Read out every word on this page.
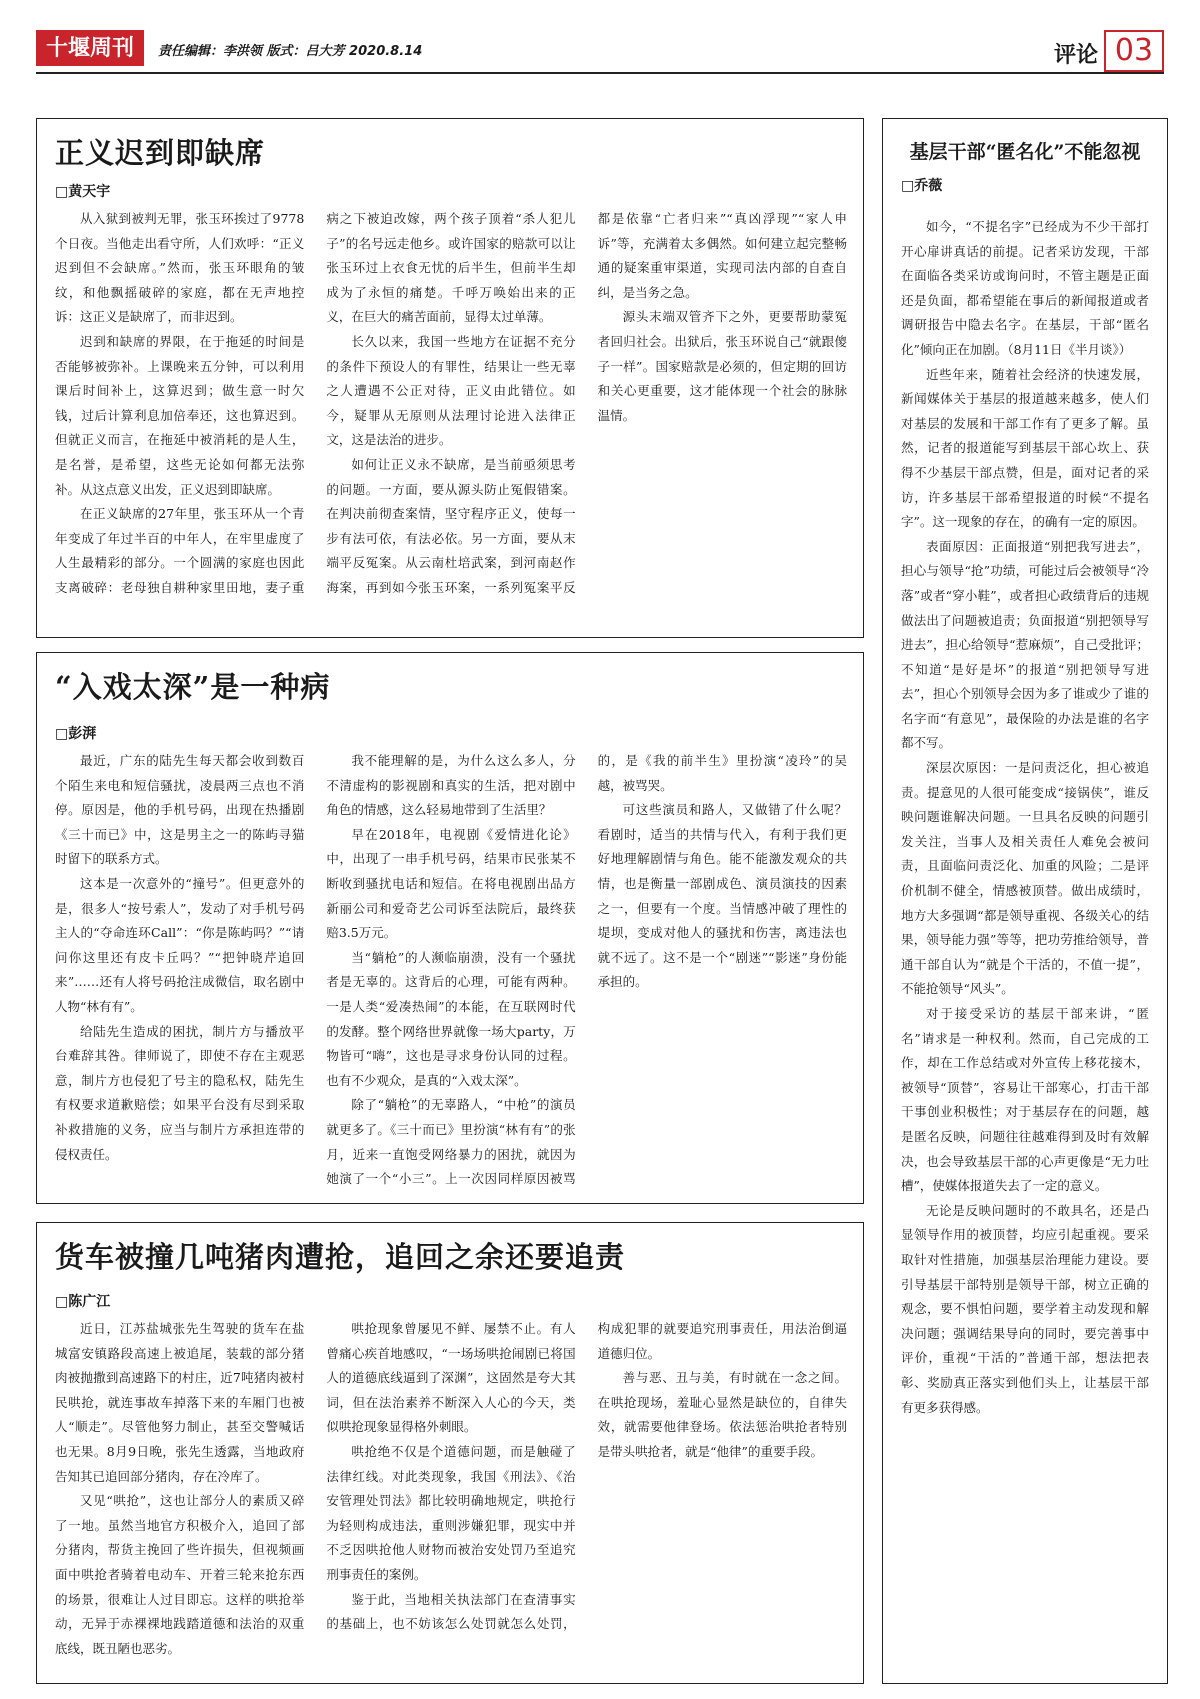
十堰周刊	责任编辑：李洪领 版式：吕大芳 2020.8.14	评论 03
正义迟到即缺席
□黄天宇

从入狱到被判无罪，张玉环挨过了9778个日夜。当他走出看守所，人们欢呼：“正义迟到但不会缺席。”然而，张玉环眼角的皱纹，和他飘摇破碎的家庭，都在无声地控诉：这正义是缺席了，而非迟到。

迟到和缺席的界限，在于拖延的时间是否能够被弥补。上课晚来五分钟，可以利用课后时间补上，这算迟到；做生意一时欠钱，过后计算利息加倍奉还，这也算迟到。但就正义而言，在拖延中被消耗的是人生，是名誉，是希望，这些无论如何都无法弥补。从这点意义出发，正义迟到即缺席。

在正义缺席的27年里，张玉环从一个青年变成了年过半百的中年人，在牢里虚度了人生最精彩的部分。一个圆满的家庭也因此支离破碎：老母独自耕种家里田地，妻子重病之下被迫改嫁，两个孩子顶着“杀人犯儿子”的名号远走他乡。或许国家的赔款可以让张玉环过上衣食无忧的后半生，但前半生却成为了永恒的痛楚。千呼万唤始出来的正义，在巨大的痛苦面前，显得太过单薄。

长久以来，我国一些地方在证据不充分的条件下预设人的有罪性，结果让一些无辜之人遭遇不公正对待，正义由此错位。如今，疑罪从无原则从法理讨论进入法律正文，这是法治的进步。

如何让正义永不缺席，是当前亟须思考的问题。一方面，要从源头防止冤假错案。在判决前彻查案情，坚守程序正义，使每一步有法可依，有法必依。另一方面，要从末端平反冤案。从云南杜培武案，到河南赵作海案，再到如今张玉环案，一系列冤案平反都是依靠“亡者归来”“真凶浮现”“家人申诉”等，充满着太多偶然。如何建立起完整畅通的疑案重审渠道，实现司法内部的自查自纠，是当务之急。

源头末端双管齐下之外，更要帮助蒙冤者回归社会。出狱后，张玉环说自己“就跟傻子一样”。国家赔款是必须的，但定期的回访和关心更重要，这才能体现一个社会的脉脉温情。

“入戏太深”是一种病
□彭湃

最近，广东的陆先生每天都会收到数百个陌生来电和短信骚扰，凌晨两三点也不消停。原因是，他的手机号码，出现在热播剧《三十而已》中，这是男主之一的陈屿寻猫时留下的联系方式。

这本是一次意外的“撞号”。但更意外的是，很多人“按号索人”，发动了对手机号码主人的“夺命连环Call”：“你是陈屿吗？”“请问你这里还有皮卡丘吗？”“把钟晓芹追回来”……还有人将号码抢注成微信，取名剧中人物“林有有”。

给陆先生造成的困扰，制片方与播放平台难辞其咎。律师说了，即使不存在主观恶意，制片方也侵犯了号主的隐私权，陆先生有权要求道歉赔偿；如果平台没有尽到采取补救措施的义务，应当与制片方承担连带的侵权责任。

我不能理解的是，为什么这么多人，分不清虚构的影视剧和真实的生活，把对剧中角色的情感，这么轻易地带到了生活里？

早在2018年，电视剧《爱情进化论》中，出现了一串手机号码，结果市民张某不断收到骚扰电话和短信。在将电视剧出品方新丽公司和爱奇艺公司诉至法院后，最终获赔3.5万元。

当“躺枪”的人濒临崩溃，没有一个骚扰者是无辜的。这背后的心理，可能有两种。一是人类“爱凑热闹”的本能，在互联网时代的发酵。整个网络世界就像一场大party，万物皆可“嗨”，这也是寻求身份认同的过程。也有不少观众，是真的“入戏太深”。

除了“躺枪”的无辜路人，“中枪”的演员就更多了。《三十而已》里扮演“林有有”的张月，近来一直饱受网络暴力的困扰，就因为她演了一个“小三”。上一次因同样原因被骂的，是《我的前半生》里扮演“凌玲”的吴越，被骂哭。

可这些演员和路人，又做错了什么呢？看剧时，适当的共情与代入，有利于我们更好地理解剧情与角色。能不能激发观众的共情，也是衡量一部剧成色、演员演技的因素之一，但要有一个度。当情感冲破了理性的堤坝，变成对他人的骚扰和伤害，离违法也就不远了。这不是一个“剧迷”“影迷”身份能承担的。

货车被撞几吨猪肉遭抢，追回之余还要追责
□陈广江

近日，江苏盐城张先生驾驶的货车在盐城富安镇路段高速上被追尾，装载的部分猪肉被抛撒到高速路下的村庄，近7吨猪肉被村民哄抢，就连事故车掉落下来的车厢门也被人“顺走”。尽管他努力制止，甚至交警喊话也无果。8月9日晚，张先生透露，当地政府告知其已追回部分猪肉，存在冷库了。

又见“哄抢”，这也让部分人的素质又碎了一地。虽然当地官方积极介入，追回了部分猪肉，帮货主挽回了些许损失，但视频画面中哄抢者骑着电动车、开着三轮来抢东西的场景，很难让人过目即忘。这样的哄抢举动，无异于赤裸裸地践踏道德和法治的双重底线，既丑陋也恶劣。

哄抢现象曾屡见不鲜、屡禁不止。有人曾痛心疾首地感叹，“一场场哄抢闹剧已将国人的道德底线逼到了深渊”，这固然是夸大其词，但在法治素养不断深入人心的今天，类似哄抢现象显得格外刺眼。

哄抢绝不仅是个道德问题，而是触碰了法律红线。对此类现象，我国《刑法》、《治安管理处罚法》都比较明确地规定，哄抢行为轻则构成违法，重则涉嫌犯罪，现实中并不乏因哄抢他人财物而被治安处罚乃至追究刑事责任的案例。

鉴于此，当地相关执法部门在查清事实的基础上，也不妨该怎么处罚就怎么处罚，构成犯罪的就要追究刑事责任，用法治倒逼道德归位。

善与恶、丑与美，有时就在一念之间。在哄抢现场，羞耻心显然是缺位的，自律失效，就需要他律登场。依法惩治哄抢者特别是带头哄抢者，就是“他律”的重要手段。

基层干部“匿名化”不能忽视
□乔薇

如今，“不提名字”已经成为不少干部打开心扉讲真话的前提。记者采访发现，干部在面临各类采访或询问时，不管主题是正面还是负面，都希望能在事后的新闻报道或者调研报告中隐去名字。在基层，干部“匿名化”倾向正在加剧。（8月11日《半月谈》）

近些年来，随着社会经济的快速发展，新闻媒体关于基层的报道越来越多，使人们对基层的发展和干部工作有了更多了解。虽然，记者的报道能写到基层干部心坎上、获得不少基层干部点赞，但是，面对记者的采访，许多基层干部希望报道的时候“不提名字”。这一现象的存在，的确有一定的原因。

表面原因：正面报道“别把我写进去”，担心与领导“抢”功绩，可能过后会被领导“冷落”或者“穿小鞋”，或者担心政绩背后的违规做法出了问题被追责；负面报道“别把领导写进去”，担心给领导“惹麻烦”，自己受批评；不知道“是好是坏”的报道“别把领导写进去”，担心个别领导会因为多了谁或少了谁的名字而“有意见”，最保险的办法是谁的名字都不写。

深层次原因：一是问责泛化，担心被追责。提意见的人很可能变成“接锅侠”，谁反映问题谁解决问题。一旦具名反映的问题引发关注，当事人及相关责任人难免会被问责，且面临问责泛化、加重的风险；二是评价机制不健全，情感被顶替。做出成绩时，地方大多强调“都是领导重视、各级关心的结果，领导能力强”等等，把功劳推给领导，普通干部自认为“就是个干活的，不值一提”，不能抢领导“风头”。

对于接受采访的基层干部来讲，“匿名”请求是一种权利。然而，自己完成的工作，却在工作总结或对外宣传上移花接木，被领导“顶替”，容易让干部寒心，打击干部干事创业积极性；对于基层存在的问题，越是匿名反映，问题往往越难得到及时有效解决，也会导致基层干部的心声更像是“无力吐槽”，使媒体报道失去了一定的意义。

无论是反映问题时的不敢具名，还是凸显领导作用的被顶替，均应引起重视。要采取针对性措施，加强基层治理能力建设。要引导基层干部特别是领导干部，树立正确的观念，要不惧怕问题，要学着主动发现和解决问题；强调结果导向的同时，要完善事中评价，重视“干活的”普通干部，想法把表彰、奖励真正落实到他们头上，让基层干部有更多获得感。
